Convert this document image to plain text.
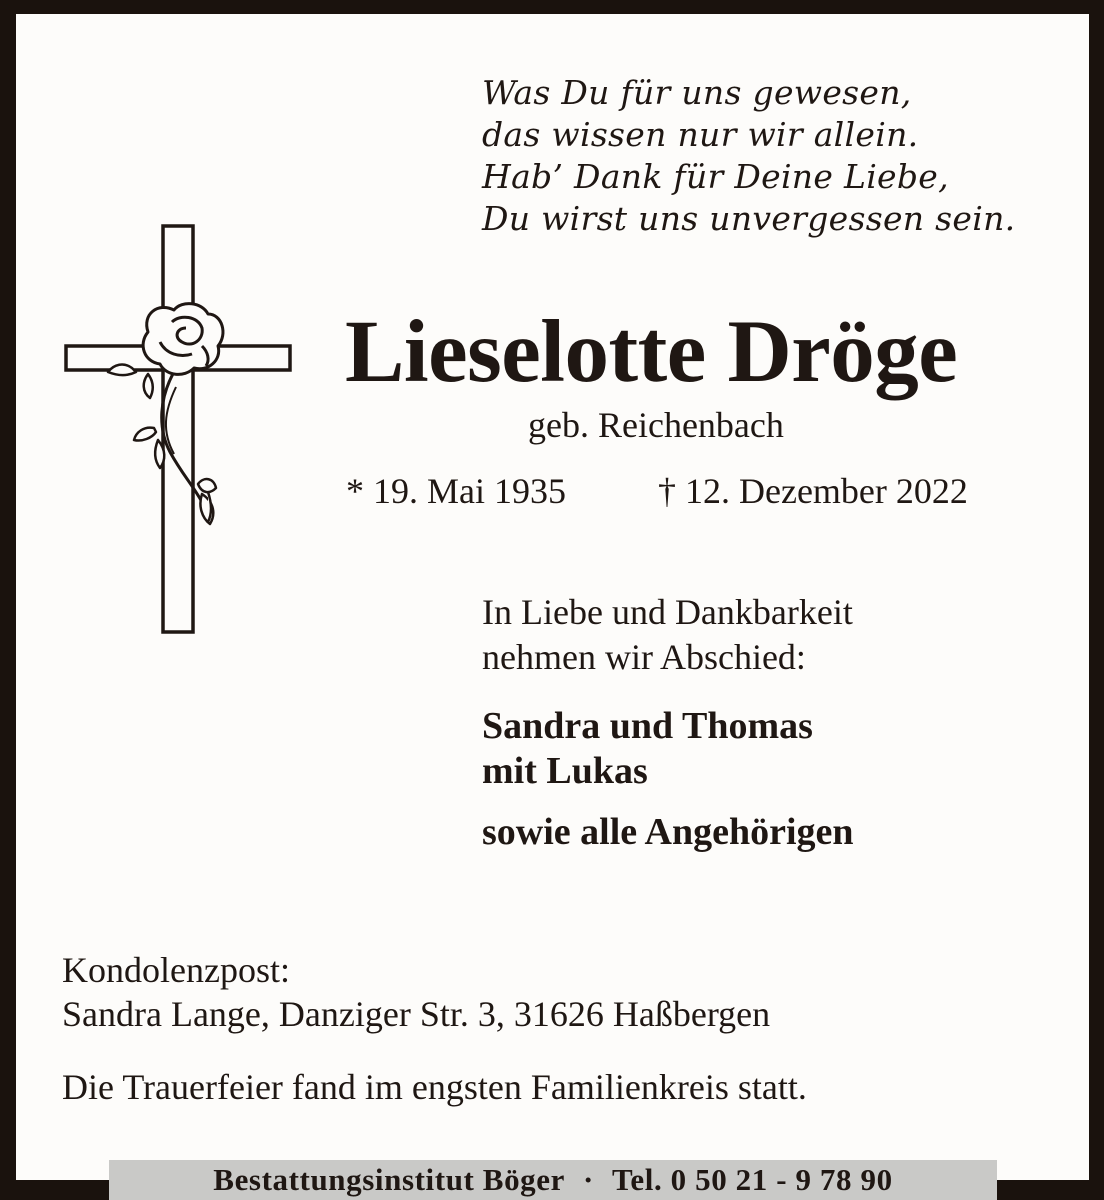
Was Du für uns gewesen,
das wissen nur wir allein.
Hab’ Dank für Deine Liebe,
Du wirst uns unvergessen sein.
Lieselotte Dröge
geb. Reichenbach
* 19. Mai 1935	† 12. Dezember 2022
In Liebe und Dankbarkeit
nehmen wir Abschied:
Sandra und Thomas
mit Lukas
sowie alle Angehörigen
Kondolenzpost:
Sandra Lange, Danziger Str. 3, 31626 Haßbergen
Die Trauerfeier fand im engsten Familienkreis statt.
Bestattungsinstitut Böger · Tel. 0 50 21 - 9 78 90
